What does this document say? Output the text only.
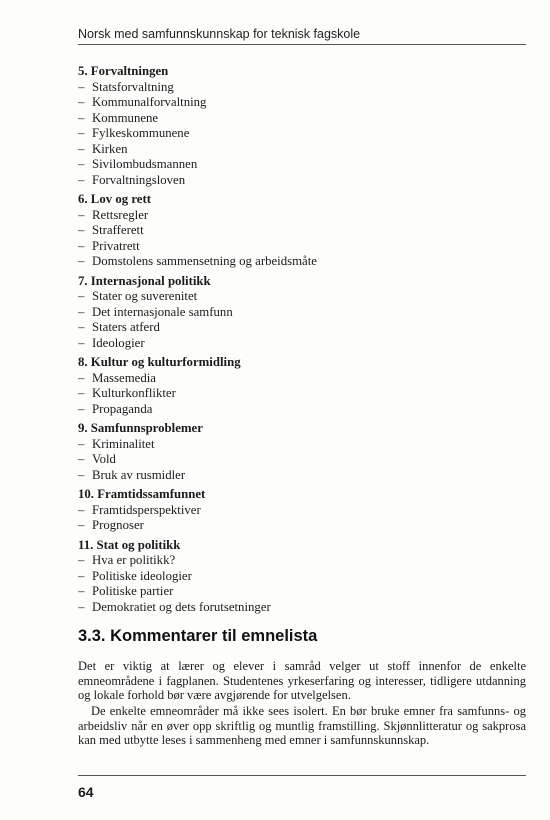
Norsk med samfunnskunnskap for teknisk fagskole
5. Forvaltningen
– Statsforvaltning
– Kommunalforvaltning
– Kommunene
– Fylkeskommunene
– Kirken
– Sivilombudsmannen
– Forvaltningsloven
6. Lov og rett
– Rettsregler
– Strafferett
– Privatrett
– Domstolens sammensetning og arbeidsmåte
7. Internasjonal politikk
– Stater og suverenitet
– Det internasjonale samfunn
– Staters atferd
– Ideologier
8. Kultur og kulturformidling
– Massemedia
– Kulturkonflikter
– Propaganda
9. Samfunnsproblemer
– Kriminalitet
– Vold
– Bruk av rusmidler
10. Framtidssamfunnet
– Framtidsperspektiver
– Prognoser
11. Stat og politikk
– Hva er politikk?
– Politiske ideologier
– Politiske partier
– Demokratiet og dets forutsetninger
3.3. Kommentarer til emnelista

Det er viktig at lærer og elever i samråd velger ut stoff innenfor de enkelte emneområdene i fagplanen. Studentenes yrkeserfaring og interesser, tidligere utdanning og lokale forhold bør være avgjørende for utvelgelsen.

De enkelte emneområder må ikke sees isolert. En bør bruke emner fra samfunns- og arbeidsliv når en øver opp skriftlig og muntlig framstilling. Skjønnlitteratur og sakprosa kan med utbytte leses i sammenheng med emner i samfunnskunnskap.

64
